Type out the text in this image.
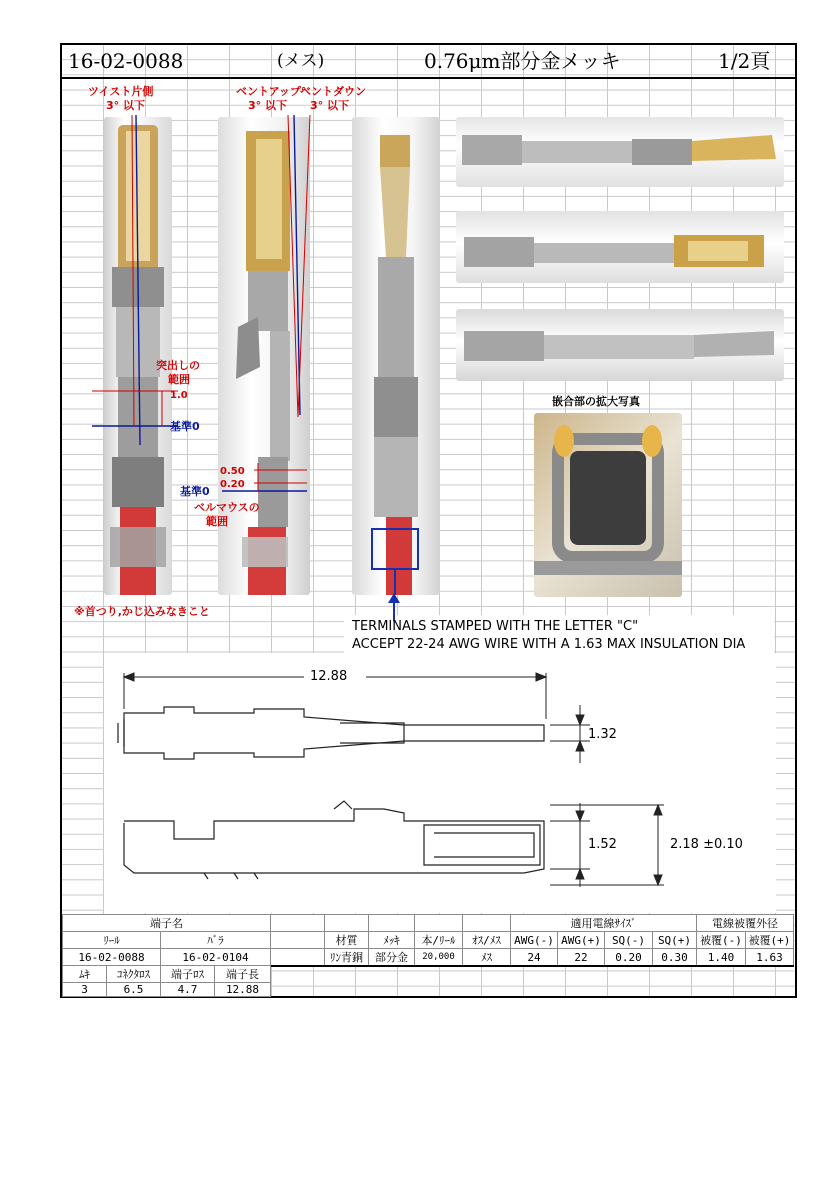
16-02-0088	(メス)	0.76μm部分金メッキ	1/2頁
嵌合部の拡大写真
ツイスト片側
3° 以下
ベントアップ°
3° 以下
ベントダウン
3° 以下
突出しの
範囲
1.0
基準0
0.50
0.20
基準0
ベルマウスの
範囲
※首つり,かじ込みなきこと
TERMINALS STAMPED WITH THE LETTER "C"
ACCEPT 22-24 AWG WIRE WITH A 1.63 MAX INSULATION DIA
12.88
1.32
1.52	2.18 ±0.10
端子名							適用電線ｻｲｽﾞ				電線被覆外径	
ﾘｰﾙ	ﾊﾞﾗ		材質	ﾒｯｷ	本/ﾘｰﾙ	ｵｽ/ﾒｽ	AWG(-)	AWG(+)	SQ(-)	SQ(+)	被覆(-)	被覆(+)
16-02-0088	16-02-0104		ﾘﾝ青銅	部分金	20,000	ﾒｽ	24	22	0.20	0.30	1.40	1.63
ﾑｷ	ｺﾈｸﾀﾛｽ	端子ﾛｽ	端子長
3	6.5	4.7	12.88
